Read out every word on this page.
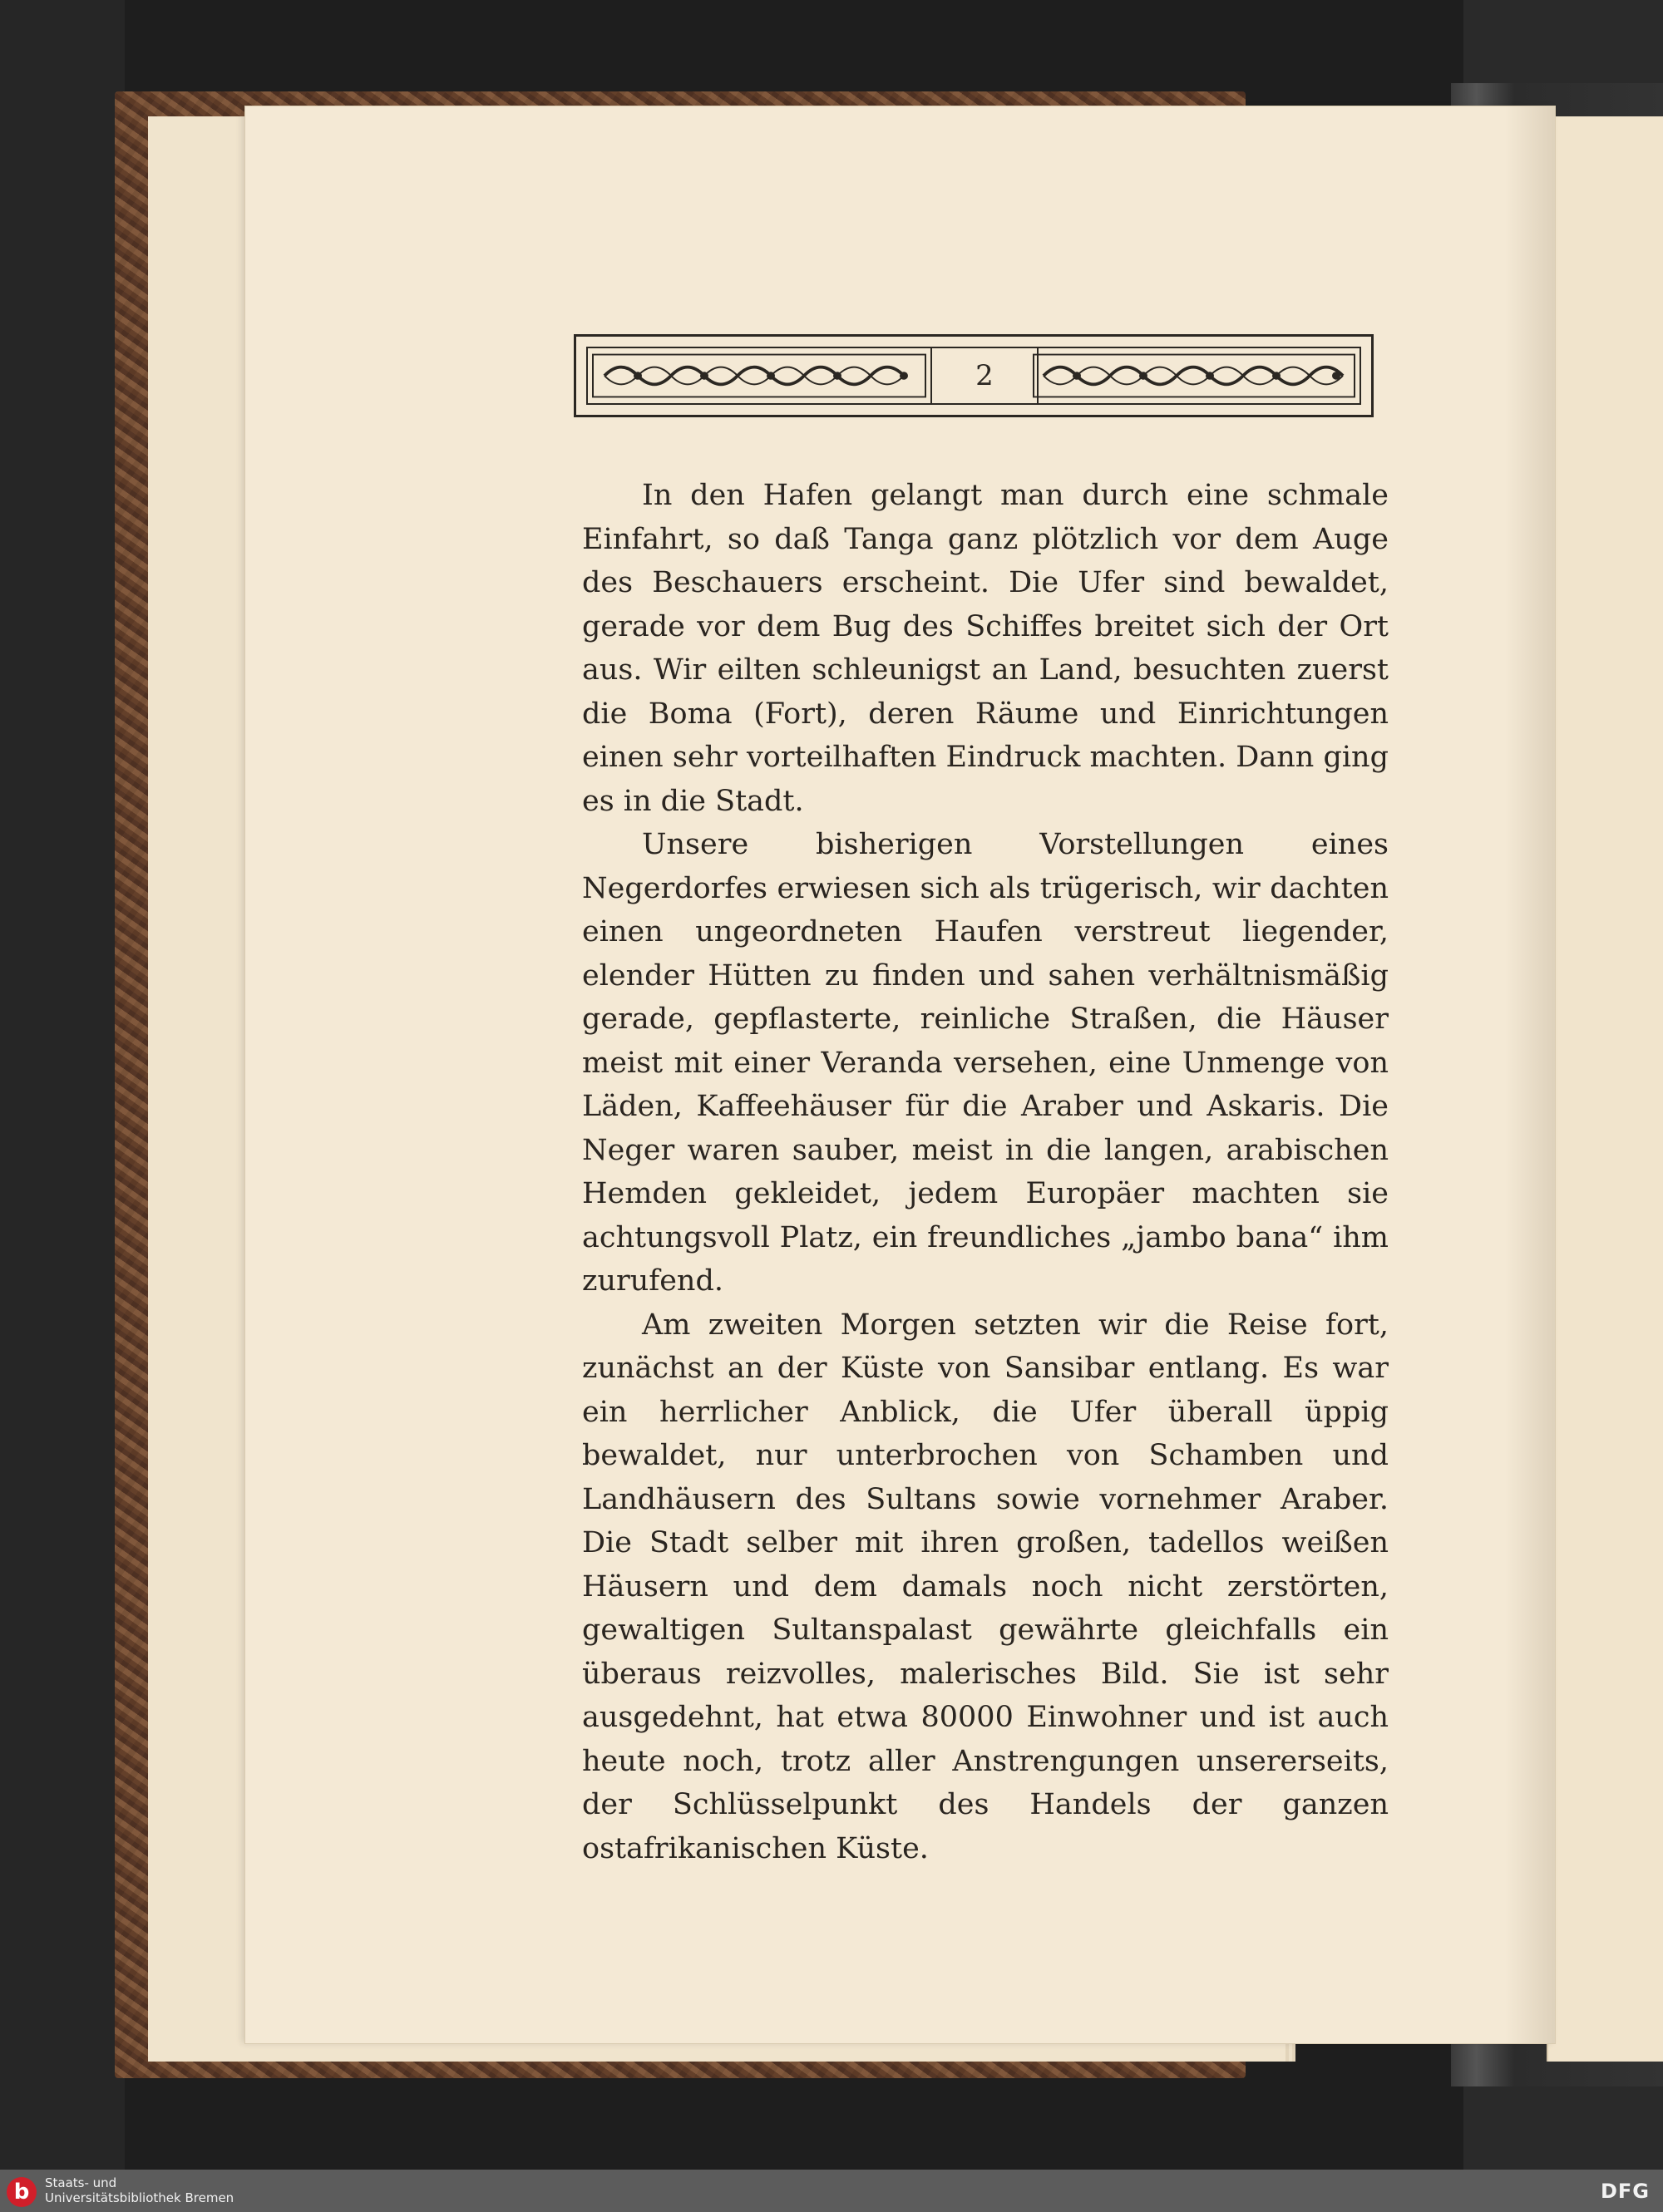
2

In den Hafen gelangt man durch eine schmale Einfahrt, so daß Tanga ganz plötzlich vor dem Auge des Beschauers erscheint. Die Ufer sind bewaldet, gerade vor dem Bug des Schiffes breitet sich der Ort aus. Wir eilten schleunigst an Land, besuchten zuerst die Boma (Fort), deren Räume und Einrichtungen einen sehr vorteilhaften Eindruck machten. Dann ging es in die Stadt.

Unsere bisherigen Vorstellungen eines Negerdorfes erwiesen sich als trügerisch, wir dachten einen ungeordneten Haufen verstreut liegender, elender Hütten zu finden und sahen verhältnismäßig gerade, gepflasterte, reinliche Straßen, die Häuser meist mit einer Veranda versehen, eine Unmenge von Läden, Kaffeehäuser für die Araber und Askaris. Die Neger waren sauber, meist in die langen, arabischen Hemden gekleidet, jedem Europäer machten sie achtungsvoll Platz, ein freundliches „jambo bana“ ihm zurufend.

Am zweiten Morgen setzten wir die Reise fort, zunächst an der Küste von Sansibar entlang. Es war ein herrlicher Anblick, die Ufer überall üppig bewaldet, nur unterbrochen von Schamben und Landhäusern des Sultans sowie vornehmer Araber. Die Stadt selber mit ihren großen, tadellos weißen Häusern und dem damals noch nicht zerstörten, gewaltigen Sultanspalast gewährte gleichfalls ein überaus reizvolles, malerisches Bild. Sie ist sehr ausgedehnt, hat etwa 80000 Einwohner und ist auch heute noch, trotz aller Anstrengungen unsererseits, der Schlüsselpunkt des Handels der ganzen ostafrikanischen Küste.

b	Staats- und
Universitätsbibliothek Bremen	DFG
